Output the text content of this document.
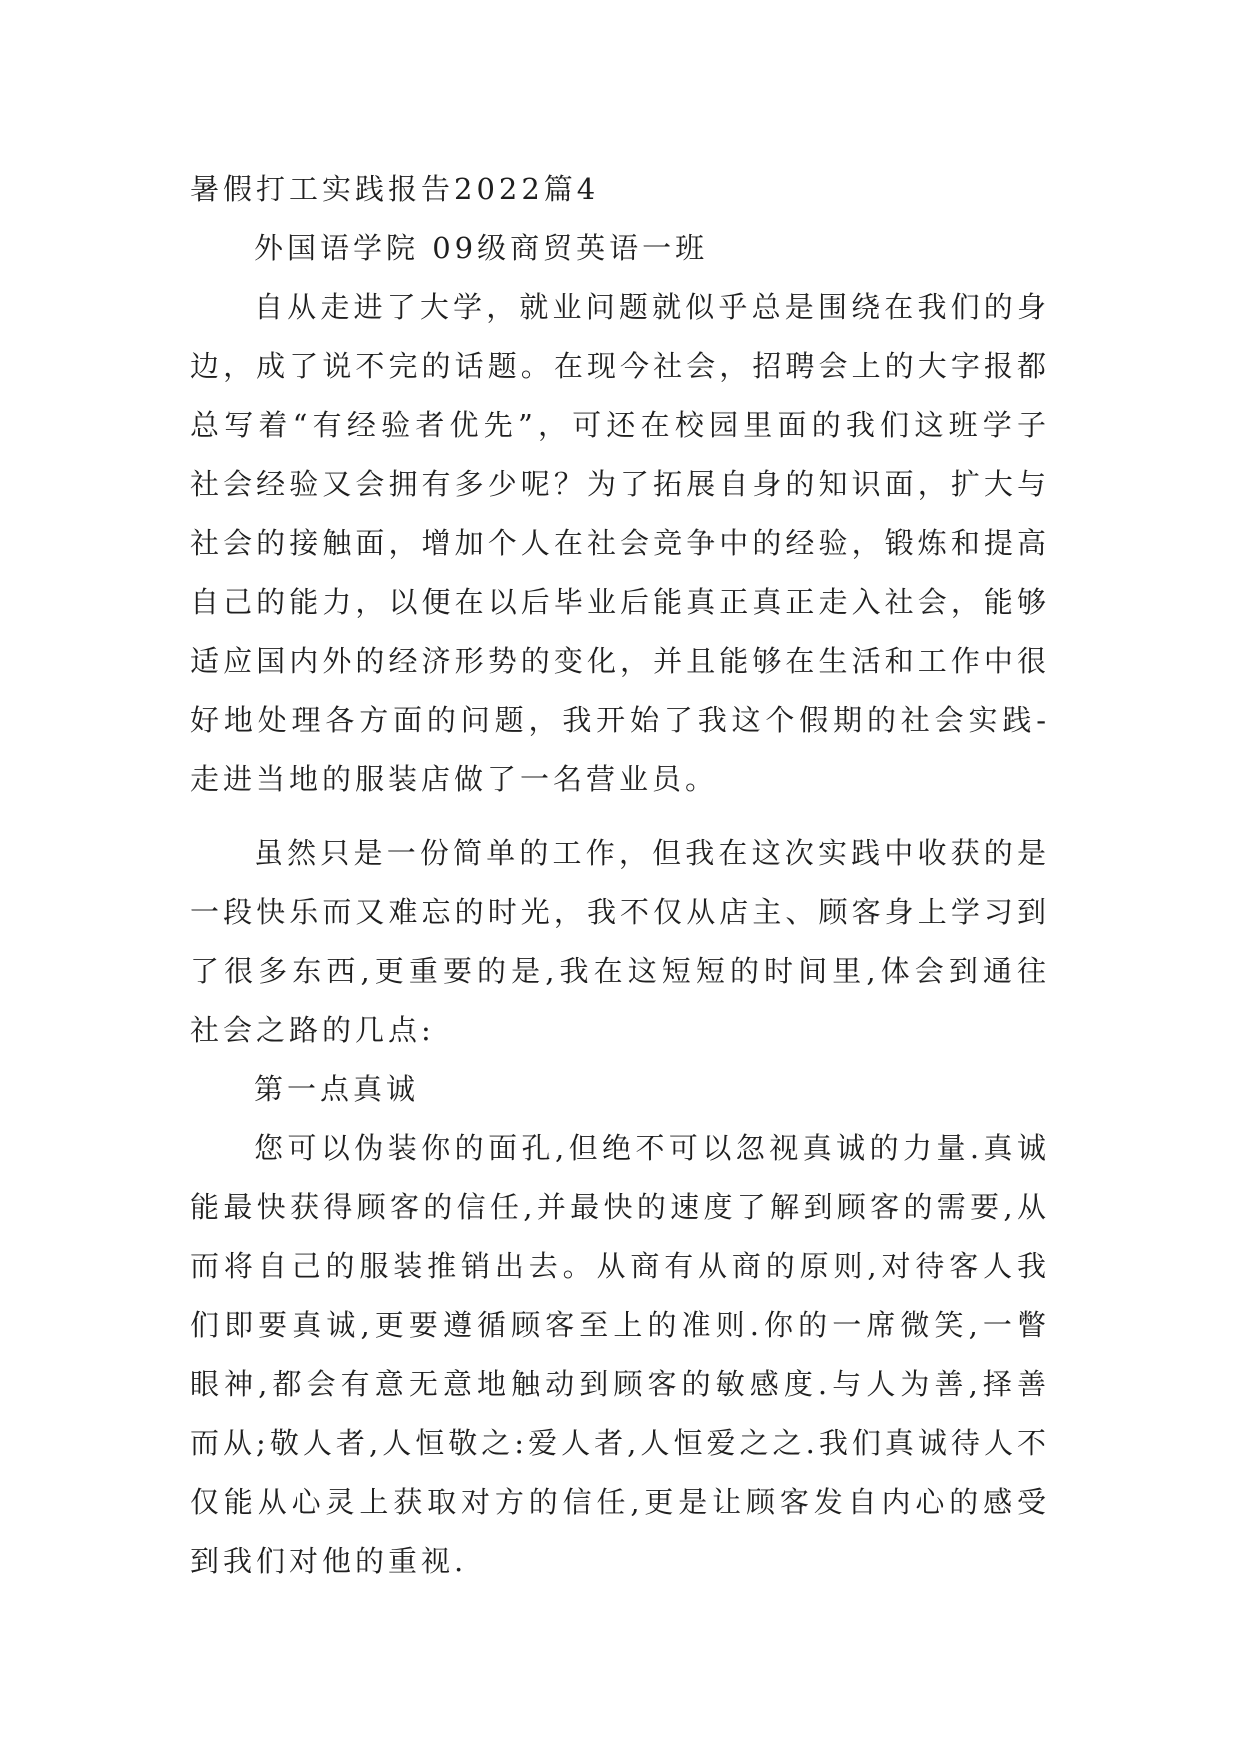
暑假打工实践报告2022篇4

外国语学院 09级商贸英语一班

自从走进了大学，就业问题就似乎总是围绕在我们的身边，成了说不完的话题。在现今社会，招聘会上的大字报都总写着“有经验者优先”，可还在校园里面的我们这班学子社会经验又会拥有多少呢？为了拓展自身的知识面，扩大与社会的接触面，增加个人在社会竞争中的经验，锻炼和提高自己的能力，以便在以后毕业后能真正真正走入社会，能够适应国内外的经济形势的变化，并且能够在生活和工作中很好地处理各方面的问题，我开始了我这个假期的社会实践-走进当地的服装店做了一名营业员。

虽然只是一份简单的工作，但我在这次实践中收获的是一段快乐而又难忘的时光，我不仅从店主、顾客身上学习到了很多东西,更重要的是,我在这短短的时间里,体会到通往社会之路的几点:

第一点真诚

您可以伪装你的面孔,但绝不可以忽视真诚的力量.真诚能最快获得顾客的信任,并最快的速度了解到顾客的需要,从而将自己的服装推销出去。从商有从商的原则,对待客人我们即要真诚,更要遵循顾客至上的准则.你的一席微笑,一瞥眼神,都会有意无意地触动到顾客的敏感度.与人为善,择善而从;敬人者,人恒敬之:爱人者,人恒爱之之.我们真诚待人不仅能从心灵上获取对方的信任,更是让顾客发自内心的感受到我们对他的重视.
